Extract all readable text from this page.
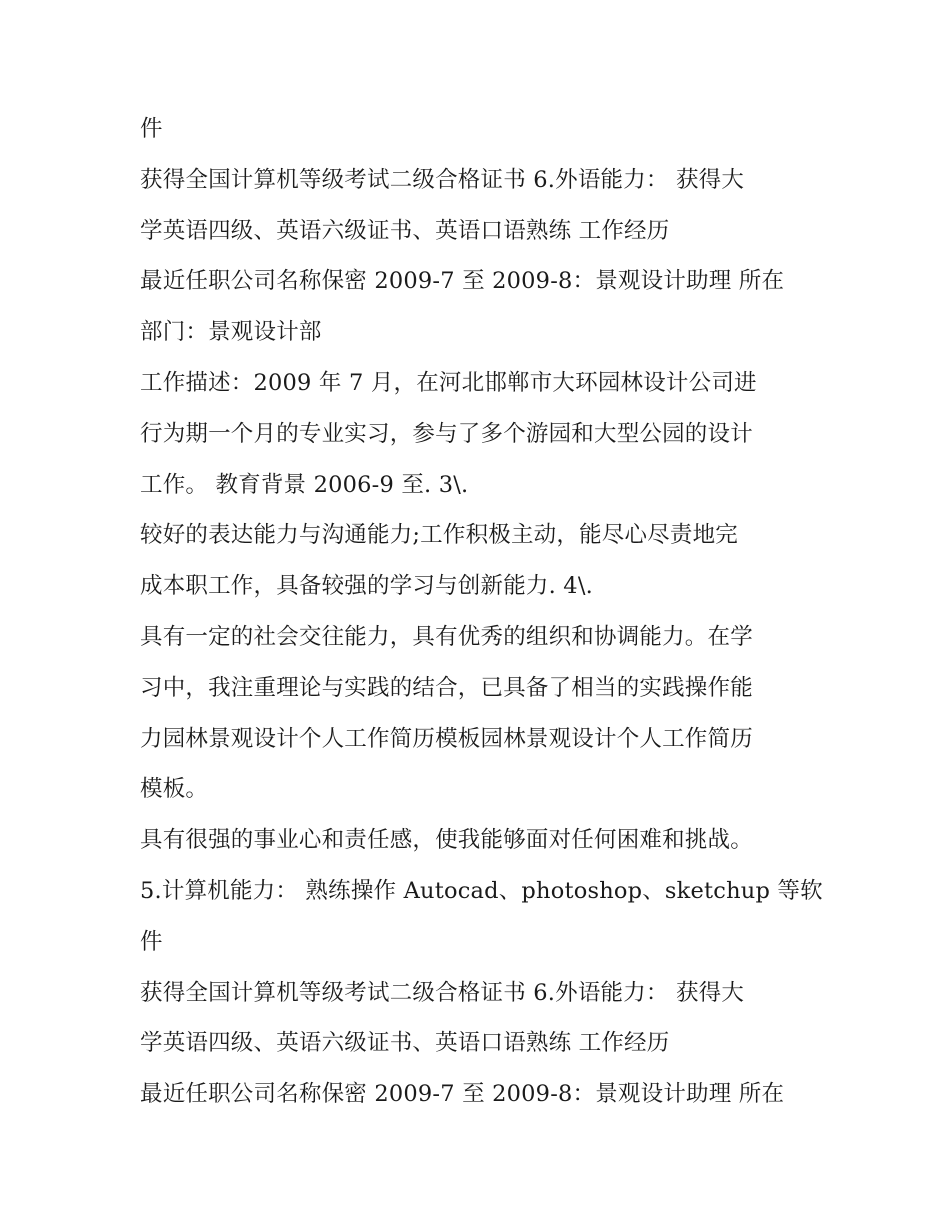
件
获得全国计算机等级考试二级合格证书 6.外语能力： 获得大
学英语四级、英语六级证书、英语口语熟练 工作经历
最近任职公司名称保密 2009-7 至 2009-8：景观设计助理 所在
部门：景观设计部
工作描述：2009 年 7 月，在河北邯郸市大环园林设计公司进
行为期一个月的专业实习，参与了多个游园和大型公园的设计
工作。 教育背景 2006-9 至. 3\.
较好的表达能力与沟通能力;工作积极主动，能尽心尽责地完
成本职工作，具备较强的学习与创新能力. 4\.
具有一定的社会交往能力，具有优秀的组织和协调能力。在学
习中，我注重理论与实践的结合，已具备了相当的实践操作能
力园林景观设计个人工作简历模板园林景观设计个人工作简历
模板。
具有很强的事业心和责任感，使我能够面对任何困难和挑战。
5.计算机能力： 熟练操作 Autocad、photoshop、sketchup 等软
件
获得全国计算机等级考试二级合格证书 6.外语能力： 获得大
学英语四级、英语六级证书、英语口语熟练 工作经历
最近任职公司名称保密 2009-7 至 2009-8：景观设计助理 所在
